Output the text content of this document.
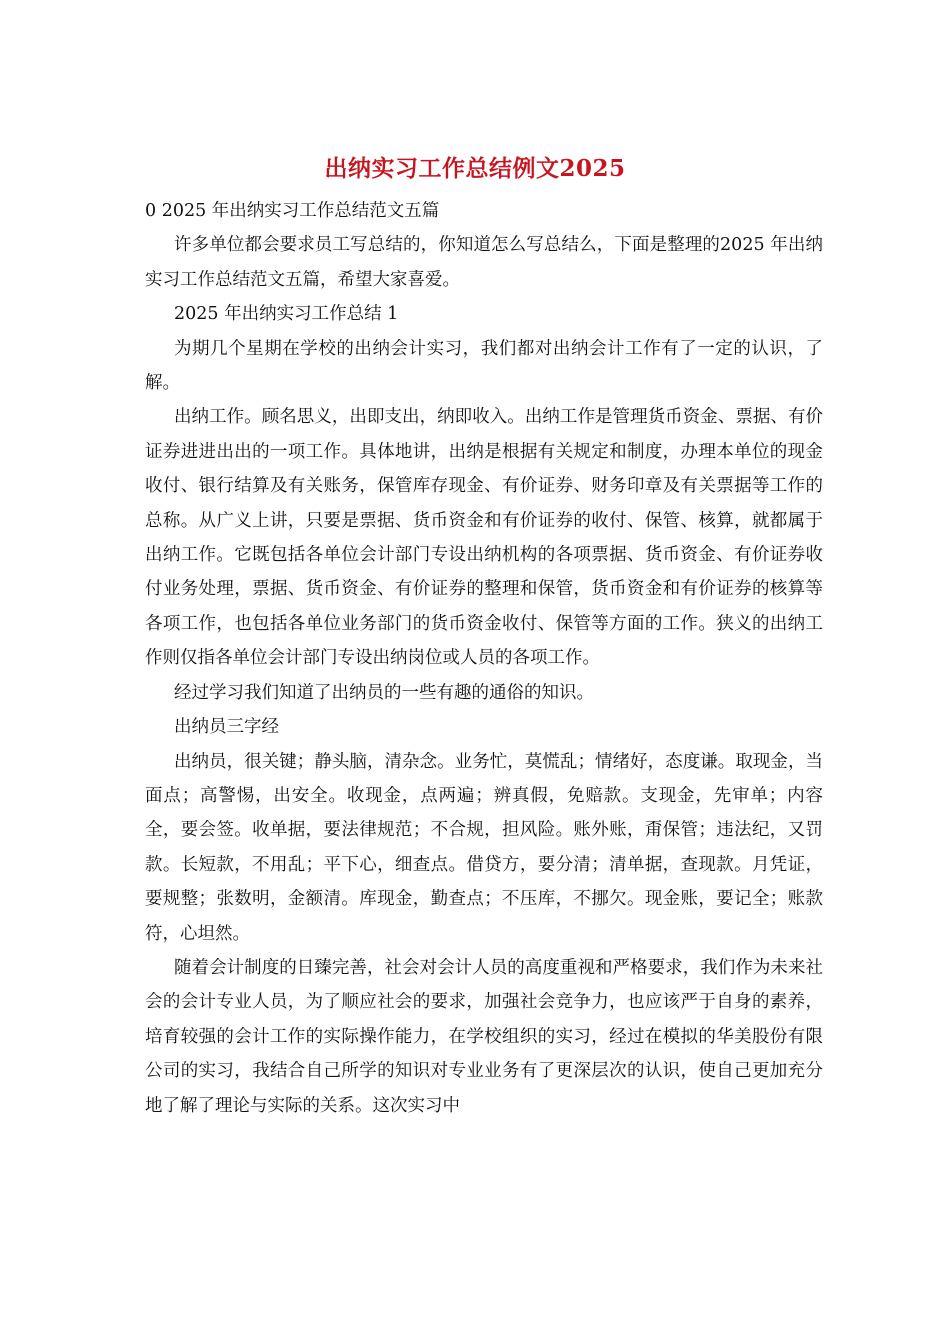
出纳实习工作总结例文2025

0 2025 年出纳实习工作总结范文五篇

许多单位都会要求员工写总结的，你知道怎么写总结么，下面是整理的2025 年出纳实习工作总结范文五篇，希望大家喜爱。

2025 年出纳实习工作总结 1

为期几个星期在学校的出纳会计实习，我们都对出纳会计工作有了一定的认识，了解。

出纳工作。顾名思义，出即支出，纳即收入。出纳工作是管理货币资金、票据、有价证券进进出出的一项工作。具体地讲，出纳是根据有关规定和制度，办理本单位的现金收付、银行结算及有关账务，保管库存现金、有价证券、财务印章及有关票据等工作的总称。从广义上讲，只要是票据、货币资金和有价证券的收付、保管、核算，就都属于出纳工作。它既包括各单位会计部门专设出纳机构的各项票据、货币资金、有价证券收付业务处理，票据、货币资金、有价证券的整理和保管，货币资金和有价证券的核算等各项工作，也包括各单位业务部门的货币资金收付、保管等方面的工作。狭义的出纳工作则仅指各单位会计部门专设出纳岗位或人员的各项工作。

经过学习我们知道了出纳员的一些有趣的通俗的知识。

出纳员三字经

出纳员，很关键；静头脑，清杂念。业务忙，莫慌乱；情绪好，态度谦。取现金，当面点；高警惕，出安全。收现金，点两遍；辨真假，免赔款。支现金，先审单；内容全，要会签。收单据，要法律规范；不合规，担风险。账外账，甭保管；违法纪，又罚款。长短款，不用乱；平下心，细查点。借贷方，要分清；清单据，查现款。月凭证，要规整；张数明，金额清。库现金，勤查点；不压库，不挪欠。现金账，要记全；账款符，心坦然。

随着会计制度的日臻完善，社会对会计人员的高度重视和严格要求，我们作为未来社会的会计专业人员，为了顺应社会的要求，加强社会竞争力，也应该严于自身的素养，培育较强的会计工作的实际操作能力，在学校组织的实习，经过在模拟的华美股份有限公司的实习，我结合自己所学的知识对专业业务有了更深层次的认识，使自己更加充分地了解了理论与实际的关系。这次实习中
